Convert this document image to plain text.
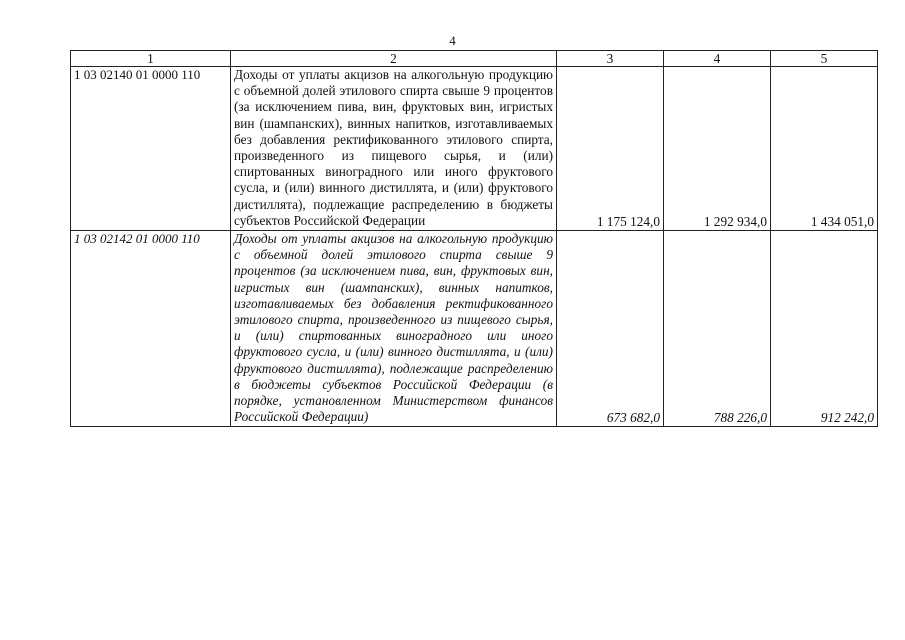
4
1	2	3	4	5
1 03 02140 01 0000 110	Доходы от уплаты акцизов на алкогольную продукцию с объемной долей этилового спирта свыше 9 процентов (за исключением пива, вин, фруктовых вин, игристых вин (шампанских), винных напитков, изготавливаемых без добавления ректификованного этилового спирта, произведенного из пищевого сырья, и (или) спиртованных виноградного или иного фруктового сусла, и (или) винного дистиллята, и (или) фруктового дистиллята), подлежащие распределению в бюджеты субъектов Российской Федерации	1 175 124,0	1 292 934,0	1 434 051,0
1 03 02142 01 0000 110	Доходы от уплаты акцизов на алкогольную продукцию с объемной долей этилового спирта свыше 9 процентов (за исключением пива, вин, фруктовых вин, игристых вин (шампанских), винных напитков, изготавливаемых без добавления ректификованного этилового спирта, произведенного из пищевого сырья, и (или) спиртованных виноградного или иного фруктового сусла, и (или) винного дистиллята, и (или) фруктового дистиллята), подлежащие распределению в бюджеты субъектов Российской Федерации (в порядке, установленном Министерством финансов Российской Федерации)	673 682,0	788 226,0	912 242,0
